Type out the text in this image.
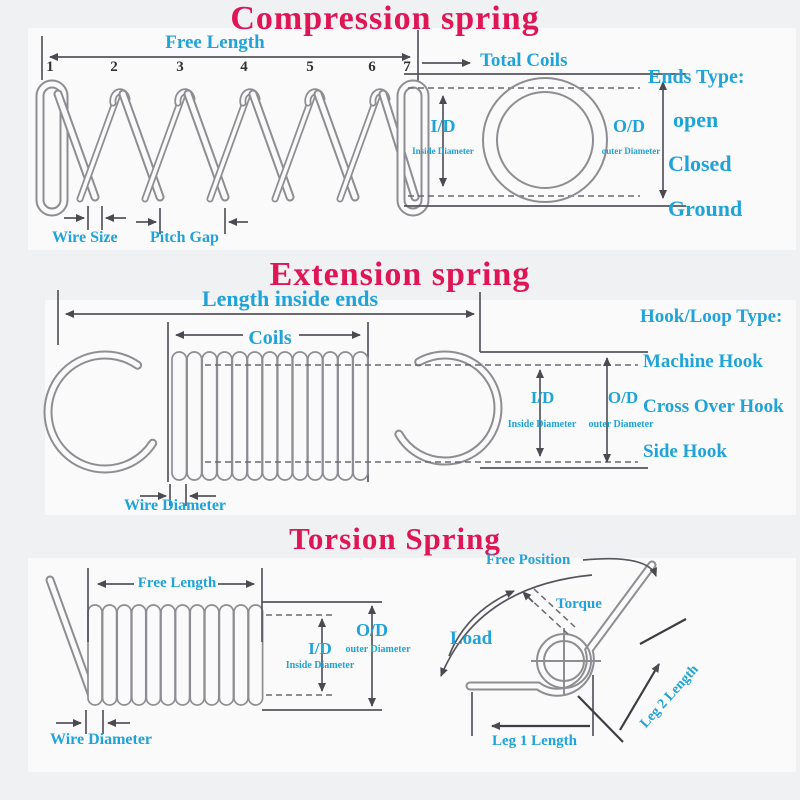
Compression spring
Free Length
1	2	3	4	5	6 7	Total Coils
I/D
Inside Diameter
O/D
outer Diameter
Ends Type:
open
Closed
Ground
Wire Size Pitch Gap
Extension spring
Length inside ends
Coils
I/D
Inside Diameter
O/D
outer Diameter
Hook/Loop Type:
Machine Hook
Cross Over Hook
Side Hook
Wire Diameter
Torsion Spring
Free Length
I/D
Inside Diameter
O/D
outer Diameter
Wire Diameter
Free Position
Torque
Load
Leg 1 Length
Leg 2 Length
